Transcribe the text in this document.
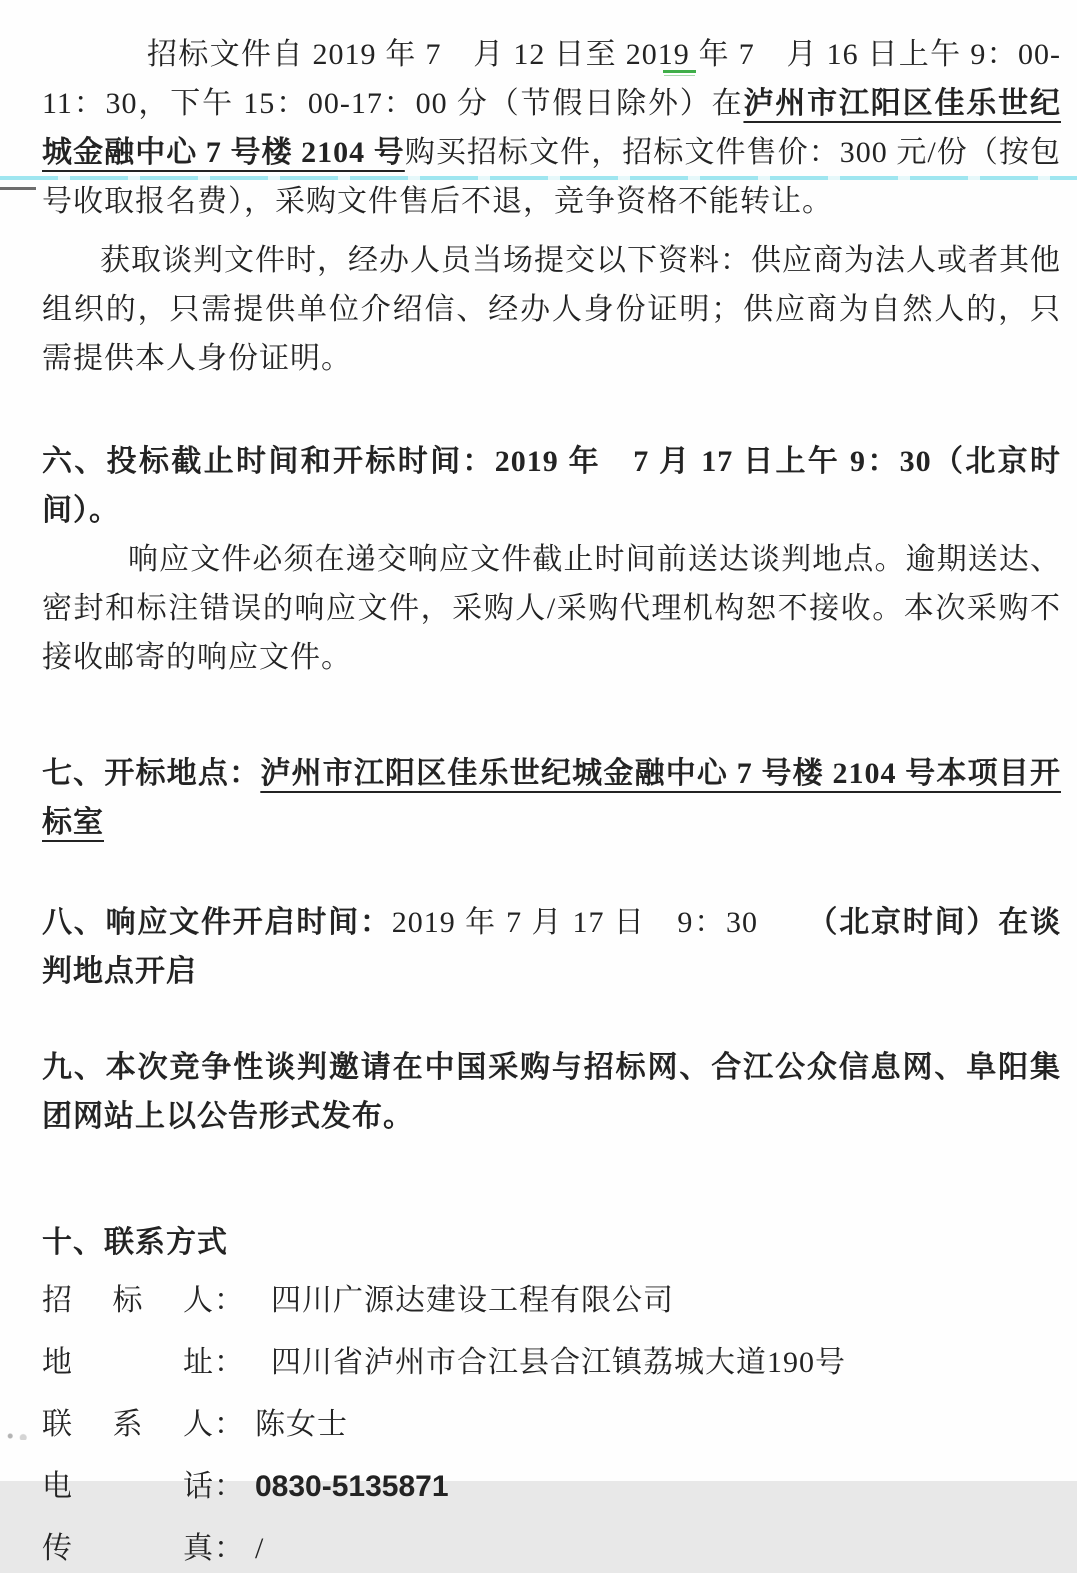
招标文件自 2019 年 7　月 12 日至 2019 年 7　月 16 日上午 9：00-11：30，下午 15：00-17：00 分（节假日除外）在泸州市江阳区佳乐世纪城金融中心 7 号楼 2104 号购买招标文件，招标文件售价：300 元/份（按包号收取报名费），采购文件售后不退，竞争资格不能转让。

获取谈判文件时，经办人员当场提交以下资料：供应商为法人或者其他组织的，只需提供单位介绍信、经办人身份证明；供应商为自然人的，只需提供本人身份证明。

六、投标截止时间和开标时间：2019 年　7 月 17 日上午 9：30（北京时间）。

响应文件必须在递交响应文件截止时间前送达谈判地点。逾期送达、密封和标注错误的响应文件，采购人/采购代理机构恕不接收。本次采购不接收邮寄的响应文件。

七、开标地点：泸州市江阳区佳乐世纪城金融中心 7 号楼 2104 号本项目开标室
八、响应文件开启时间：2019 年 7 月 17 日　9：30　　（北京时间）在谈判地点开启
九、本次竞争性谈判邀请在中国采购与招标网、合江公众信息网、阜阳集团网站上以公告形式发布。
十、联系方式
招标人： 四川广源达建设工程有限公司
地址： 四川省泸州市合江县合江镇荔城大道190号
联系人： 陈女士
电话： 0830-5135871
传真： /
